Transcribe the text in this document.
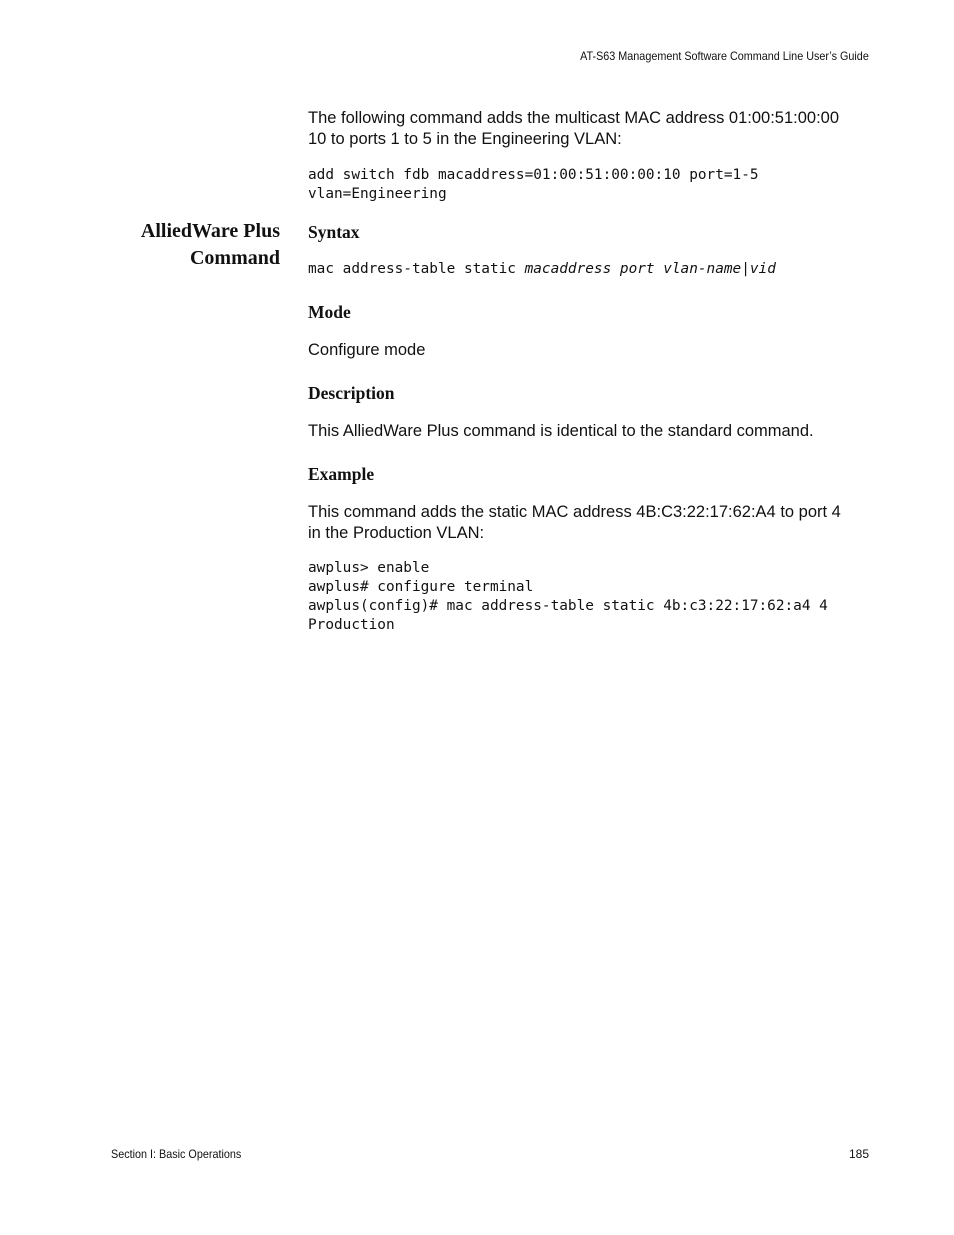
AT-S63 Management Software Command Line User’s Guide

The following command adds the multicast MAC address 01:00:51:00:00
10 to ports 1 to 5 in the Engineering VLAN:

add switch fdb macaddress=01:00:51:00:00:10 port=1-5
vlan=Engineering
AlliedWare Plus
Command
Syntax
mac address-table static macaddress port vlan-name|vid
Mode

Configure mode

Description

This AlliedWare Plus command is identical to the standard command.

Example

This command adds the static MAC address 4B:C3:22:17:62:A4 to port 4
in the Production VLAN:

awplus> enable
awplus# configure terminal
awplus(config)# mac address-table static 4b:c3:22:17:62:a4 4
Production
Section I: Basic Operations	185
